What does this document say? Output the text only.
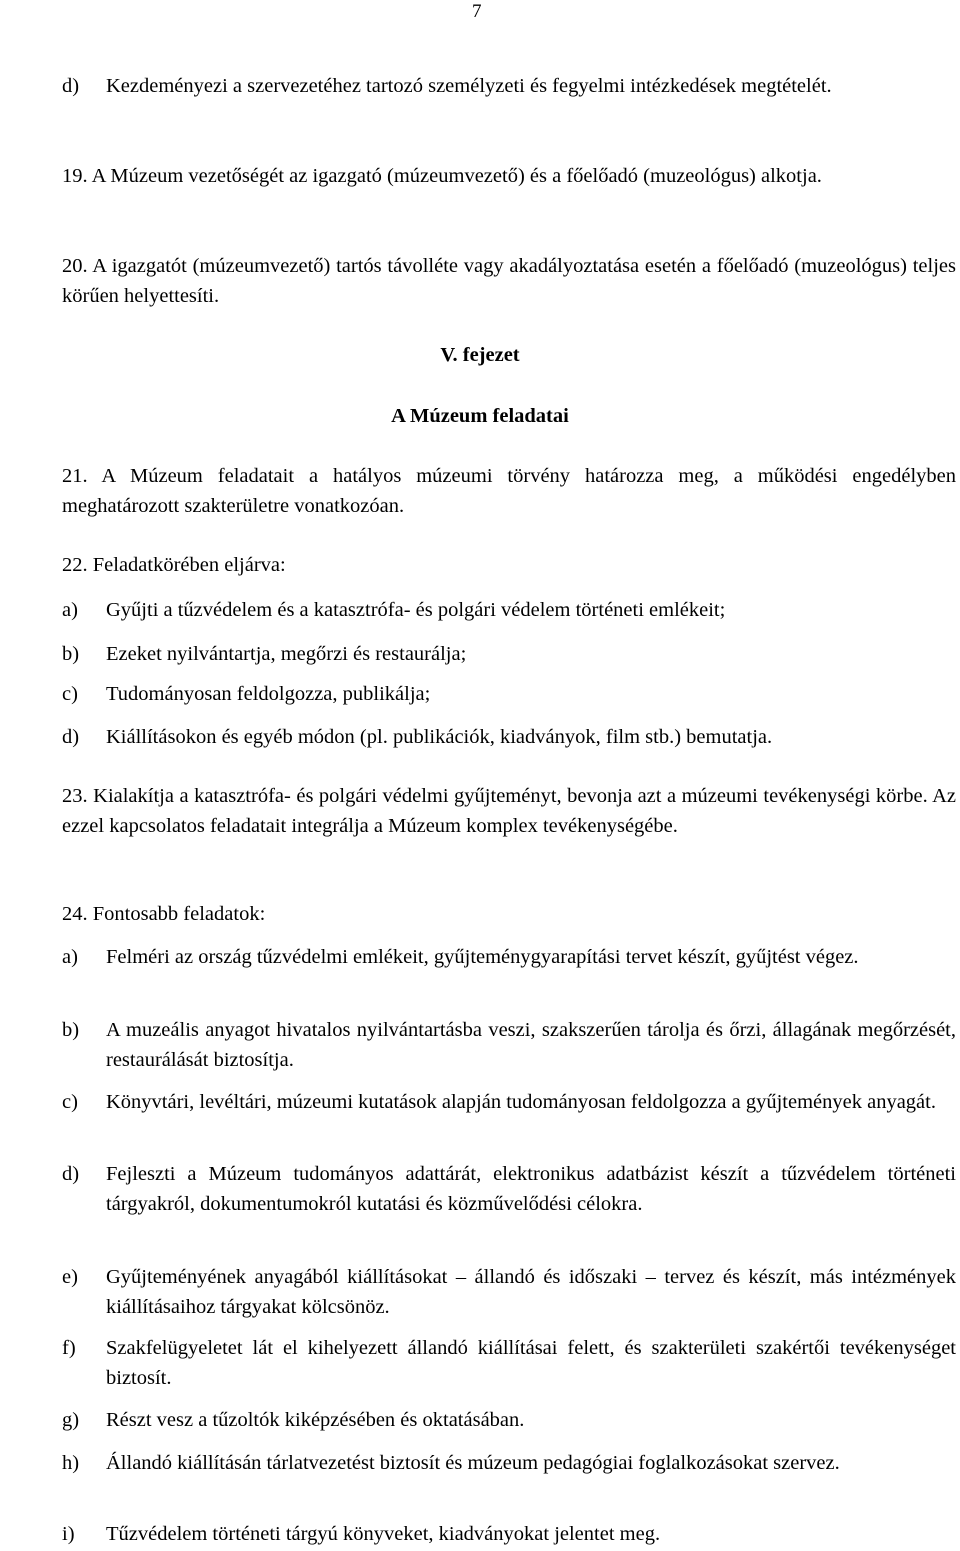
7
d)	Kezdeményezi a szervezetéhez tartozó személyzeti és fegyelmi intézkedések megtételét.

19. A Múzeum vezetőségét az igazgató (múzeumvezető) és a főelőadó (muzeológus) alkotja.

20. A igazgatót (múzeumvezető) tartós távolléte vagy akadályoztatása esetén a főelőadó (muzeológus) teljes körűen helyettesíti.

V. fejezet
A Múzeum feladatai

21. A Múzeum feladatait a hatályos múzeumi törvény határozza meg, a működési engedélyben meghatározott szakterületre vonatkozóan.

22. Feladatkörében eljárva:

a)	Gyűjti a tűzvédelem és a katasztrófa- és polgári védelem történeti emlékeit;
b)	Ezeket nyilvántartja, megőrzi és restaurálja;
c)	Tudományosan feldolgozza, publikálja;
d)	Kiállításokon és egyéb módon (pl. publikációk, kiadványok, film stb.) bemutatja.

23. Kialakítja a katasztrófa- és polgári védelmi gyűjteményt, bevonja azt a múzeumi tevékenységi körbe. Az ezzel kapcsolatos feladatait integrálja a Múzeum komplex tevékenységébe.

24. Fontosabb feladatok:

a)	Felméri az ország tűzvédelmi emlékeit, gyűjteménygyarapítási tervet készít, gyűjtést végez.
b)	A muzeális anyagot hivatalos nyilvántartásba veszi, szakszerűen tárolja és őrzi, állagának megőrzését, restaurálását biztosítja.
c)	Könyvtári, levéltári, múzeumi kutatások alapján tudományosan feldolgozza a gyűjtemények anyagát.
d)	Fejleszti a Múzeum tudományos adattárát, elektronikus adatbázist készít a tűzvédelem történeti tárgyakról, dokumentumokról kutatási és közművelődési célokra.
e)	Gyűjteményének anyagából kiállításokat – állandó és időszaki – tervez és készít, más intézmények kiállításaihoz tárgyakat kölcsönöz.
f)	Szakfelügyeletet lát el kihelyezett állandó kiállításai felett, és szakterületi szakértői tevékenységet biztosít.
g)	Részt vesz a tűzoltók kiképzésében és oktatásában.
h)	Állandó kiállításán tárlatvezetést biztosít és múzeum pedagógiai foglalkozásokat szervez.
i)	Tűzvédelem történeti tárgyú könyveket, kiadványokat jelentet meg.
